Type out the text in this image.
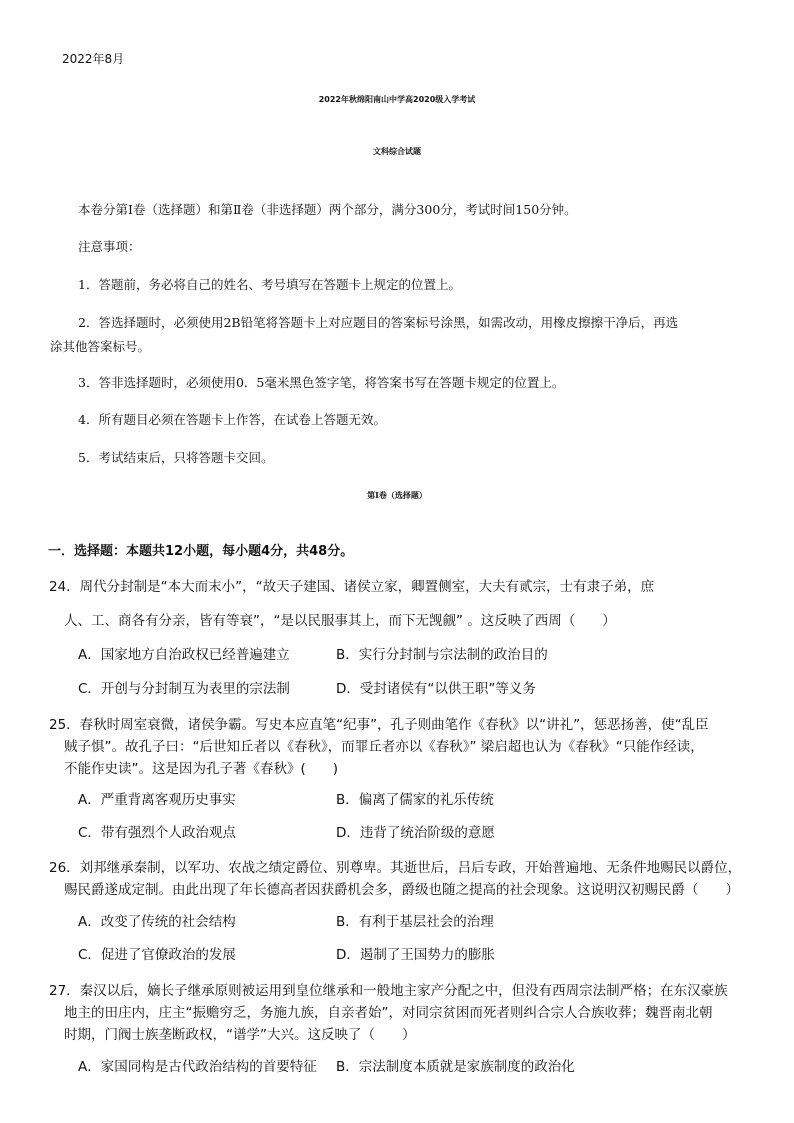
2022年8月
2022年秋绵阳南山中学高2020级入学考试
文科综合试题
本卷分第Ⅰ卷（选择题）和第Ⅱ卷（非选择题）两个部分，满分300分，考试时间150分钟。
注意事项：
1．答题前，务必将自己的姓名、考号填写在答题卡上规定的位置上。
2．答选择题时，必须使用2B铅笔将答题卡上对应题目的答案标号涂黑，如需改动，用橡皮擦擦干净后，再选
涂其他答案标号。
3．答非选择题时，必须使用0．5毫米黑色签字笔，将答案书写在答题卡规定的位置上。
4．所有题目必须在答题卡上作答，在试卷上答题无效。
5．考试结束后，只将答题卡交回。
第Ⅰ卷（选择题）
一．选择题：本题共12小题，每小题4分，共48分。
24．周代分封制是“本大而末小”，“故天子建国、诸侯立家，卿置侧室，大夫有贰宗，士有隶子弟，庶
人、工、商各有分亲，皆有等衰”，“是以民服事其上，而下无觊觎” 。这反映了西周（　　）
A．国家地方自治政权已经普遍建立	B．实行分封制与宗法制的政治目的
C．开创与分封制互为表里的宗法制	D．受封诸侯有“以供王职”等义务
25．春秋时周室衰微，诸侯争霸。写史本应直笔“纪事”，孔子则曲笔作《春秋》以“讲礼”，惩恶扬善，使“乱臣
贼子惧”。故孔子曰：“后世知丘者以《春秋》，而罪丘者亦以《春秋》” 梁启超也认为《春秋》“只能作经读，
不能作史读”。这是因为孔子著《春秋》(　　)
A．严重背离客观历史事实	B．偏离了儒家的礼乐传统
C．带有强烈个人政治观点	D．违背了统治阶级的意愿
26．刘邦继承秦制，以军功、农战之绩定爵位、别尊卑。其逝世后，吕后专政，开始普遍地、无条件地赐民以爵位，
赐民爵遂成定制。由此出现了年长德高者因获爵机会多，爵级也随之提高的社会现象。这说明汉初赐民爵（　　）
A．改变了传统的社会结构	B．有利于基层社会的治理
C．促进了官僚政治的发展	D．遏制了王国势力的膨胀
27．秦汉以后，嫡长子继承原则被运用到皇位继承和一般地主家产分配之中，但没有西周宗法制严格；在东汉豪族
地主的田庄内，庄主“振赡穷乏，务施九族，自亲者始”，对同宗贫困而死者则纠合宗人合族收葬；魏晋南北朝
时期，门阀士族垄断政权，“谱学”大兴。这反映了（　　）
A．家国同构是古代政治结构的首要特征 B．宗法制度本质就是家族制度的政治化
